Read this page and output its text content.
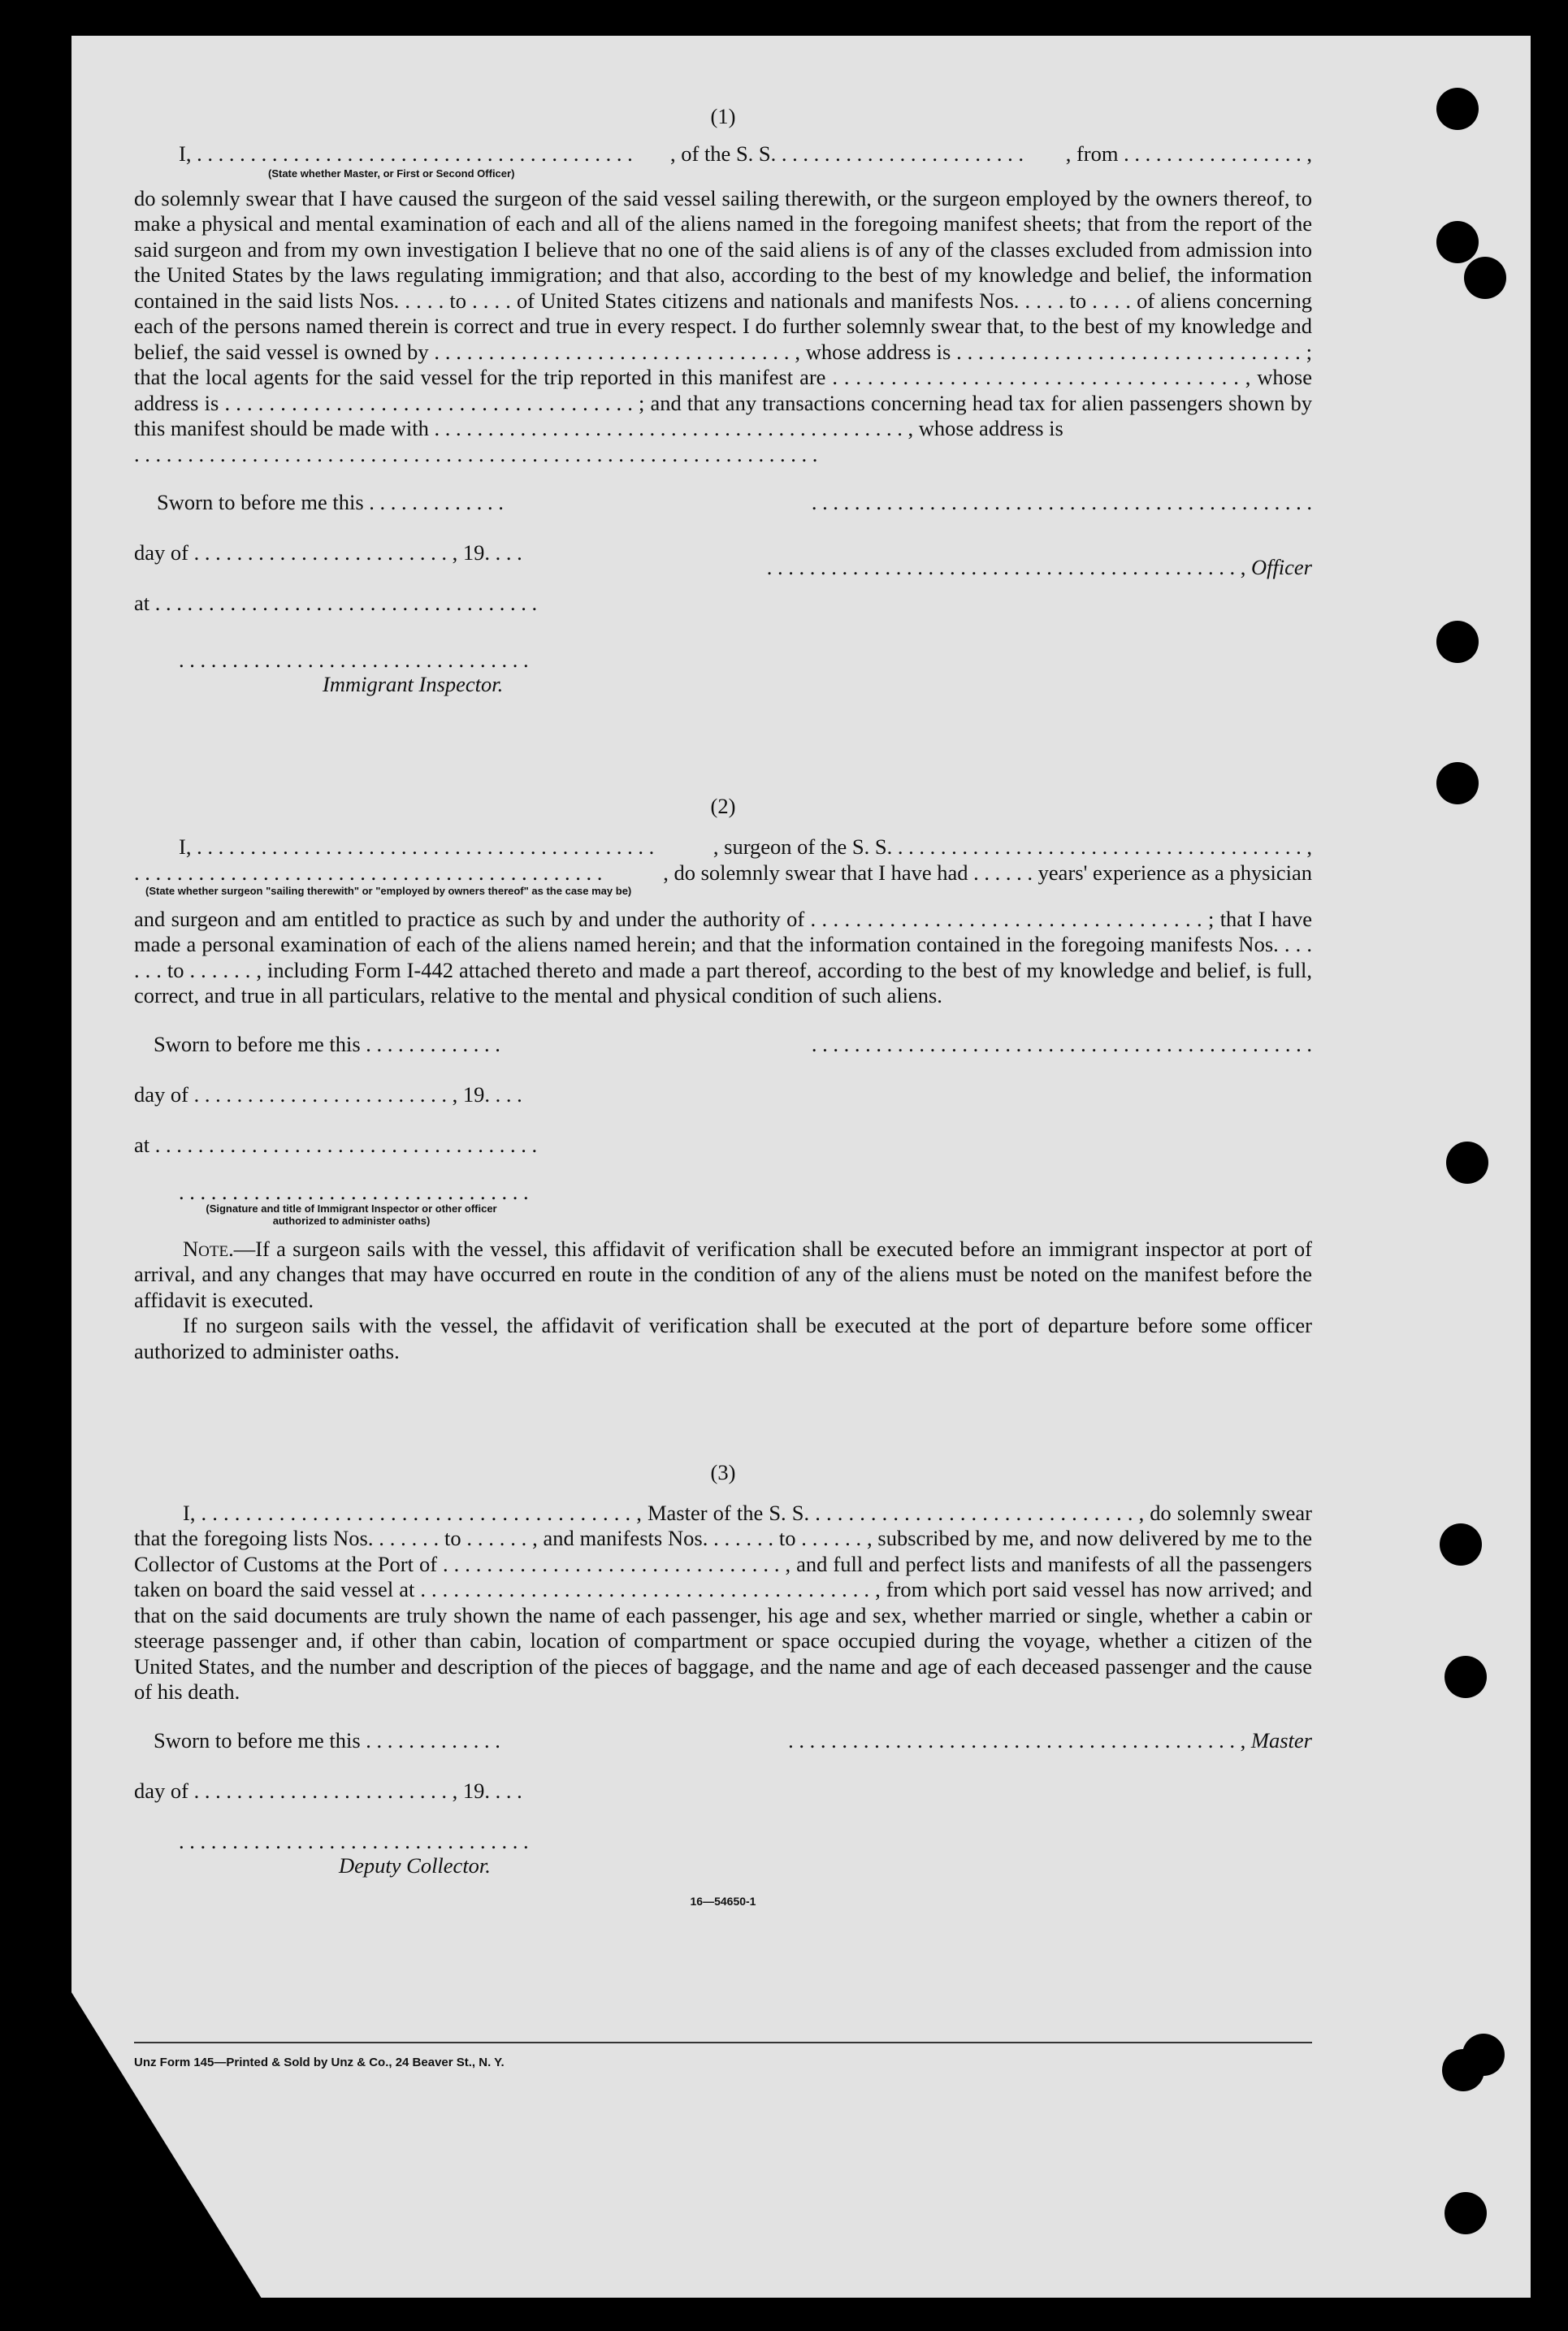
(1)

I, . . . . . . . . . . . . . . . . . . . . . . . . . . . . . . . . . . . . . . . . . , of the S. S. . . . . . . . . . . . . . . . . . . . . . . . , from . . . . . . . . . . . . . . . . . ,
(State whether Master, or First or Second Officer)

do solemnly swear that I have caused the surgeon of the said vessel sailing therewith, or the surgeon employed by the owners thereof, to make a physical and mental examination of each and all of the aliens named in the foregoing manifest sheets; that from the report of the said surgeon and from my own investigation I believe that no one of the said aliens is of any of the classes excluded from admission into the United States by the laws regulating immigration; and that also, according to the best of my knowledge and belief, the information contained in the said lists Nos. . . . . to . . . . of United States citizens and nationals and manifests Nos. . . . . to . . . . of aliens concerning each of the persons named therein is correct and true in every respect. I do further solemnly swear that, to the best of my knowledge and belief, the said vessel is owned by . . . . . . . . . . . . . . . . . . . . . . . . . . . . . . . . . , whose address is . . . . . . . . . . . . . . . . . . . . . . . . . . . . . . . . ; that the local agents for the said vessel for the trip reported in this manifest are . . . . . . . . . . . . . . . . . . . . . . . . . . . . . . . . . . . , whose address is . . . . . . . . . . . . . . . . . . . . . . . . . . . . . . . . . . . . . ; and that any transactions concerning head tax for alien passengers shown by this manifest should be made with . . . . . . . . . . . . . . . . . . . . . . . . . . . . . . . . . . . . . . . . . . . . , whose address is

. . . . . . . . . . . . . . . . . . . . . . . . . . . . . . . . . . . . . . . . . . . . . . . . . . . . . . . . . . . . . . . .

Sworn to before me this . . . . . . . . . . . . .	. . . . . . . . . . . . . . . . . . . . . . . . . . . . . . . . . . . . . . . . . . . . . . .
day of . . . . . . . . . . . . . . . . . . . . . . . . , 19. . . .
. . . . . . . . . . . . . . . . . . . . . . . . . . . . . . . . . . . . . . . . . . . . , Officer
at . . . . . . . . . . . . . . . . . . . . . . . . . . . . . . . . . . . .
. . . . . . . . . . . . . . . . . . . . . . . . . . . . . . . . .
Immigrant Inspector.

(2)

I, . . . . . . . . . . . . . . . . . . . . . . . . . . . . . . . . . . . . . . . . . . .	, surgeon of the S. S. . . . . . . . . . . . . . . . . . . . . . . . . . . . . . . . . . . . . . . ,
. . . . . . . . . . . . . . . . . . . . . . . . . . . . . . . . . . . . . . . . . . . .	, do solemnly swear that I have had . . . . . . years' experience as a physician
(State whether surgeon "sailing therewith" or "employed by owners thereof" as the case may be)

and surgeon and am entitled to practice as such by and under the authority of . . . . . . . . . . . . . . . . . . . . . . . . . . . . . . . . . . . ; that I have made a personal examination of each of the aliens named herein; and that the information contained in the foregoing manifests Nos. . . . . . . to . . . . . . , including Form I-442 attached thereto and made a part thereof, according to the best of my knowledge and belief, is full, correct, and true in all particulars, relative to the mental and physical condition of such aliens.

Sworn to before me this . . . . . . . . . . . . .	. . . . . . . . . . . . . . . . . . . . . . . . . . . . . . . . . . . . . . . . . . . . . . .
day of . . . . . . . . . . . . . . . . . . . . . . . . , 19. . . .
at . . . . . . . . . . . . . . . . . . . . . . . . . . . . . . . . . . . .
. . . . . . . . . . . . . . . . . . . . . . . . . . . . . . . . .
(Signature and title of Immigrant Inspector or other officer authorized to administer oaths)

Note.—If a surgeon sails with the vessel, this affidavit of verification shall be executed before an immigrant inspector at port of arrival, and any changes that may have occurred en route in the condition of any of the aliens must be noted on the manifest before the affidavit is executed.

If no surgeon sails with the vessel, the affidavit of verification shall be executed at the port of departure before some officer authorized to administer oaths.

(3)

I, . . . . . . . . . . . . . . . . . . . . . . . . . . . . . . . . . . . . . . . , Master of the S. S. . . . . . . . . . . . . . . . . . . . . . . . . . . . . . , do solemnly swear that the foregoing lists Nos. . . . . . . to . . . . . . , and manifests Nos. . . . . . . to . . . . . . , subscribed by me, and now delivered by me to the Collector of Customs at the Port of . . . . . . . . . . . . . . . . . . . . . . . . . . . . . . . , and full and perfect lists and manifests of all the passengers taken on board the said vessel at . . . . . . . . . . . . . . . . . . . . . . . . . . . . . . . . . . . . . . . . . , from which port said vessel has now arrived; and that on the said documents are truly shown the name of each passenger, his age and sex, whether married or single, whether a cabin or steerage passenger and, if other than cabin, location of compartment or space occupied during the voyage, whether a citizen of the United States, and the number and description of the pieces of baggage, and the name and age of each deceased passenger and the cause of his death.

Sworn to before me this . . . . . . . . . . . . .	. . . . . . . . . . . . . . . . . . . . . . . . . . . . . . . . . . . . . . . . . . , Master
day of . . . . . . . . . . . . . . . . . . . . . . . . , 19. . . .
. . . . . . . . . . . . . . . . . . . . . . . . . . . . . . . . .
Deputy Collector.
16—54650-1
Unz Form 145—Printed & Sold by Unz & Co., 24 Beaver St., N. Y.
